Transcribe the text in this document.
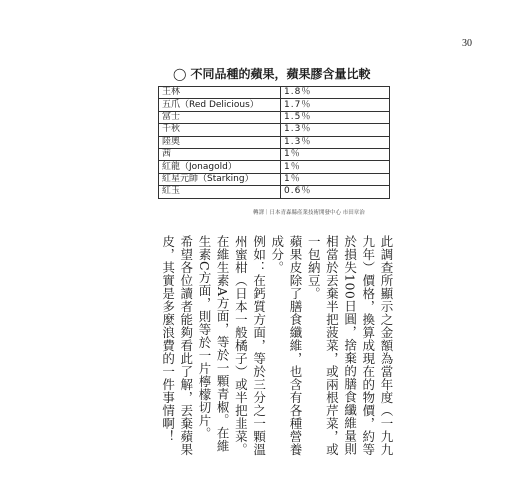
30
◯ 不同品種的蘋果，蘋果膠含量比較
王林	1.8％
五爪（Red Delicious）	1.7％
富士	1.5％
千秋	1.3％
陸奧	1.3％
茜	1％
紅龍（Jonagold）	1％
紅星元帥（Starking）	1％
紅玉	0.6％
轉譯｜日本青森縣產業技術開發中心 市田章治

此調查所顯示之金額為當年度（一九九九年）價格，換算成現在的物價，約等於損失100日圓，捨棄的膳食纖維量則相當於丟棄半把菠菜，或兩根芹菜，或一包納豆。

蘋果皮除了膳食纖維，也含有各種營養成分。

例如：在鈣質方面，等於三分之一顆溫州蜜柑（日本一般橘子）或半把韭菜。在維生素A方面，等於一顆青椒。在維生素C方面，則等於一片檸檬切片。

希望各位讀者能夠看此了解，丟棄蘋果皮，其實是多麼浪費的一件事情啊！
